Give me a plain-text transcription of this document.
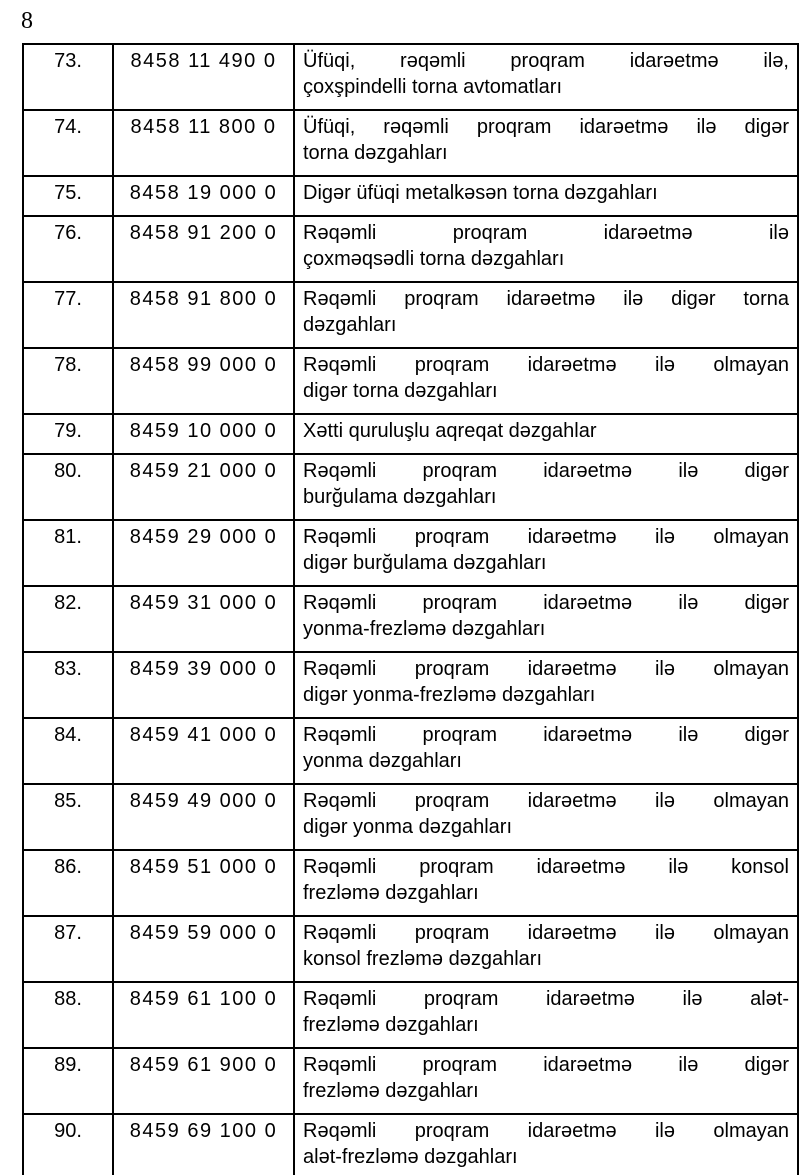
8
73.	8458 11 490 0	Üfüqi, rəqəmli proqram idarəetmə ilə,
çoxşpindelli torna avtomatları

74.	8458 11 800 0	Üfüqi, rəqəmli proqram idarəetmə ilə digər
torna dəzgahları

75.	8458 19 000 0	Digər üfüqi metalkəsən torna dəzgahları

76.	8458 91 200 0	Rəqəmli proqram idarəetmə ilə
çoxməqsədli torna dəzgahları

77.	8458 91 800 0	Rəqəmli proqram idarəetmə ilə digər torna
dəzgahları

78.	8458 99 000 0	Rəqəmli proqram idarəetmə ilə olmayan
digər torna dəzgahları

79.	8459 10 000 0	Xətti quruluşlu aqreqat dəzgahlar

80.	8459 21 000 0	Rəqəmli proqram idarəetmə ilə digər
burğulama dəzgahları

81.	8459 29 000 0	Rəqəmli proqram idarəetmə ilə olmayan
digər burğulama dəzgahları

82.	8459 31 000 0	Rəqəmli proqram idarəetmə ilə digər
yonma-frezləmə dəzgahları

83.	8459 39 000 0	Rəqəmli proqram idarəetmə ilə olmayan
digər yonma-frezləmə dəzgahları

84.	8459 41 000 0	Rəqəmli proqram idarəetmə ilə digər
yonma dəzgahları

85.	8459 49 000 0	Rəqəmli proqram idarəetmə ilə olmayan
digər yonma dəzgahları

86.	8459 51 000 0	Rəqəmli proqram idarəetmə ilə konsol
frezləmə dəzgahları

87.	8459 59 000 0	Rəqəmli proqram idarəetmə ilə olmayan
konsol frezləmə dəzgahları

88.	8459 61 100 0	Rəqəmli proqram idarəetmə ilə alət-
frezləmə dəzgahları

89.	8459 61 900 0	Rəqəmli proqram idarəetmə ilə digər
frezləmə dəzgahları

90.	8459 69 100 0	Rəqəmli proqram idarəetmə ilə olmayan
alət-frezləmə dəzgahları
